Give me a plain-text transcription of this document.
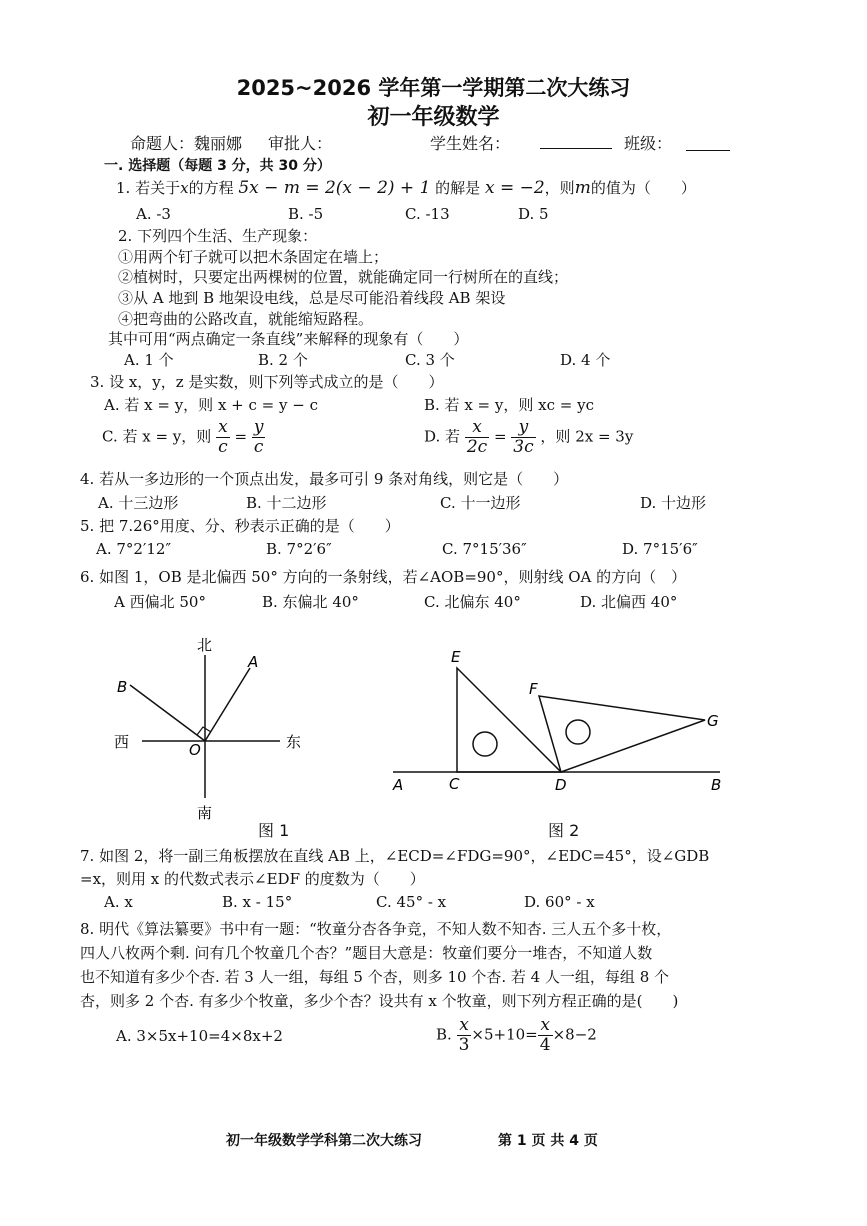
2025~2026 学年第一学期第二次大练习
初一年级数学
命题人：魏丽娜 审批人：	学生姓名：	班级：
一. 选择题（每题 3 分，共 30 分）
1. 若关于x的方程 5x − m = 2(x − 2) + 1 的解是 x = −2，则m的值为（　　）
A. -3	B. -5	C. -13	D. 5
2. 下列四个生活、生产现象：
①用两个钉子就可以把木条固定在墙上；
②植树时，只要定出两棵树的位置，就能确定同一行树所在的直线；
③从 A 地到 B 地架设电线，总是尽可能沿着线段 AB 架设
④把弯曲的公路改直，就能缩短路程。
其中可用“两点确定一条直线”来解释的现象有（　　）
A. 1 个	B. 2 个	C. 3 个	D. 4 个
3. 设 x，y，z 是实数，则下列等式成立的是（　　）
A. 若 x = y，则 x + c = y − c	B. 若 x = y，则 xc = yc
C. 若 x = y，则 $\frac{x}{c} = \frac{y}{c}$	D. 若 $\frac{x}{2c} = \frac{y}{3c}$ ，则 2x = 3y
4. 若从一多边形的一个顶点出发，最多可引 9 条对角线，则它是（　　）
A. 十三边形	B. 十二边形	C. 十一边形	D. 十边形
5. 把 7.26°用度、分、秒表示正确的是（　　）
A. 7°2′12″	B. 7°2′6″	C. 7°15′36″	D. 7°15′6″
6. 如图 1，OB 是北偏西 50° 方向的一条射线，若∠AOB=90°，则射线 OA 的方向（　）
A 西偏北 50°	B. 东偏北 40°	C. 北偏东 40°	D. 北偏西 40°
北
南
西	东
B
A
O
图 1
A	B
C	D
E
F
G
图 2
7. 如图 2，将一副三角板摆放在直线 AB 上，∠ECD=∠FDG=90°，∠EDC=45°，设∠GDB
=x，则用 x 的代数式表示∠EDF 的度数为（　　）
A. x	B. x - 15°	C. 45° - x	D. 60° - x
8. 明代《算法纂要》书中有一题：“牧童分杏各争竞，不知人数不知杏. 三人五个多十枚，
四人八枚两个剩. 问有几个牧童几个杏？”题目大意是：牧童们要分一堆杏，不知道人数
也不知道有多少个杏. 若 3 人一组，每组 5 个杏，则多 10 个杏. 若 4 人一组，每组 8 个
杏，则多 2 个杏. 有多少个牧童，多少个杏？设共有 x 个牧童，则下列方程正确的是(　　)
A. 3×5x+10=4×8x+2	B. $\frac{x}{3} \times 5+10= \frac{x}{4} \times 8-2$
初一年级数学学科第二次大练习	第 1 页 共 4 页
